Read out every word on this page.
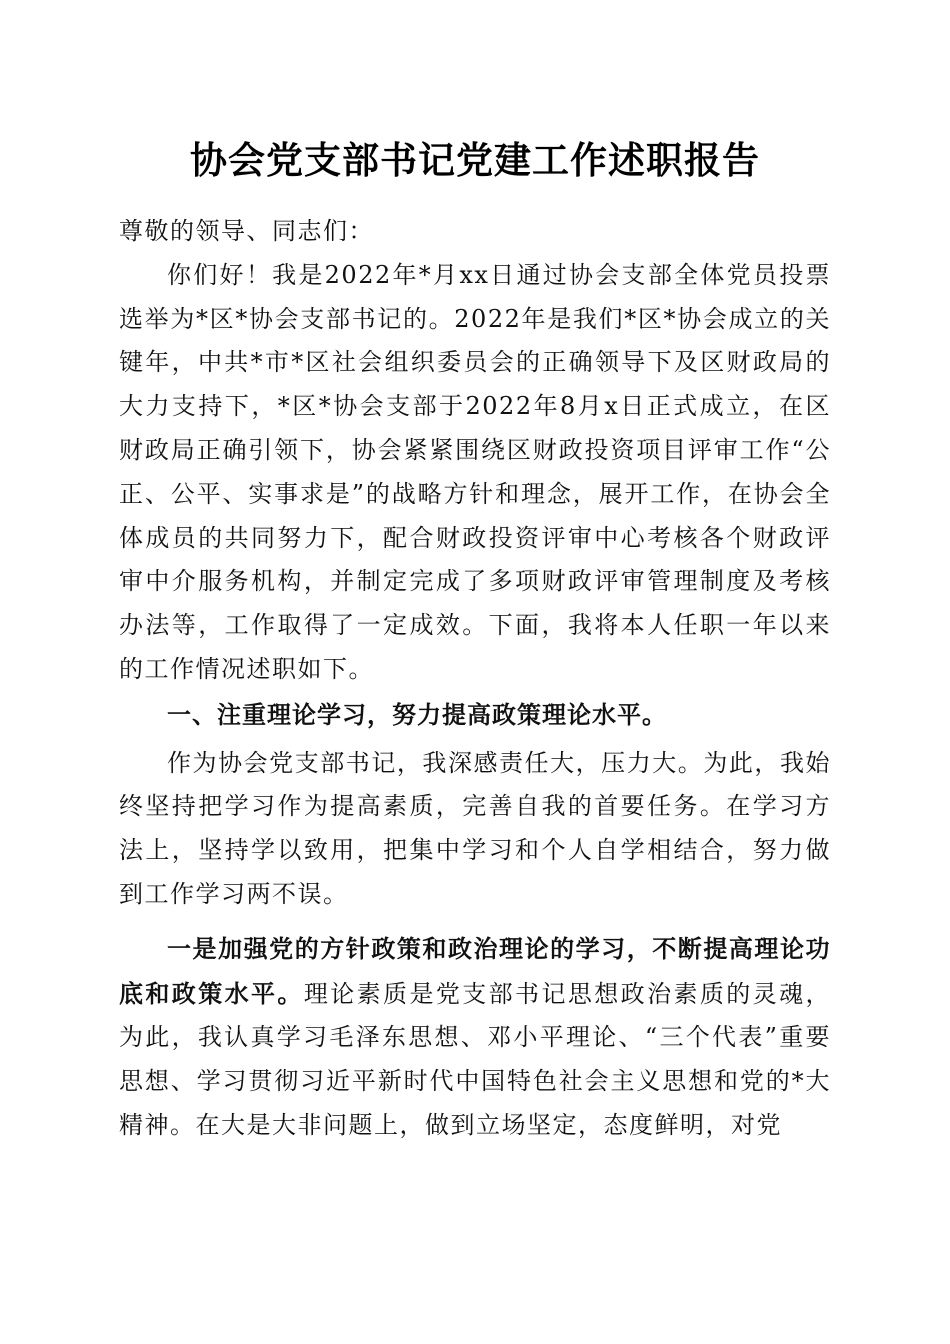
协会党支部书记党建工作述职报告

尊敬的领导、同志们：

你们好！我是2022年*月xx日通过协会支部全体党员投票选举为*区*协会支部书记的。2022年是我们*区*协会成立的关键年，中共*市*区社会组织委员会的正确领导下及区财政局的大力支持下，*区*协会支部于2022年8月x日正式成立，在区财政局正确引领下，协会紧紧围绕区财政投资项目评审工作“公正、公平、实事求是”的战略方针和理念，展开工作，在协会全体成员的共同努力下，配合财政投资评审中心考核各个财政评审中介服务机构，并制定完成了多项财政评审管理制度及考核办法等，工作取得了一定成效。下面，我将本人任职一年以来的工作情况述职如下。

一、注重理论学习，努力提高政策理论水平。

作为协会党支部书记，我深感责任大，压力大。为此，我始终坚持把学习作为提高素质，完善自我的首要任务。在学习方法上，坚持学以致用，把集中学习和个人自学相结合，努力做到工作学习两不误。

一是加强党的方针政策和政治理论的学习，不断提高理论功底和政策水平。理论素质是党支部书记思想政治素质的灵魂，为此，我认真学习毛泽东思想、邓小平理论、“三个代表”重要思想、学习贯彻习近平新时代中国特色社会主义思想和党的*大精神。在大是大非问题上，做到立场坚定，态度鲜明，对党
